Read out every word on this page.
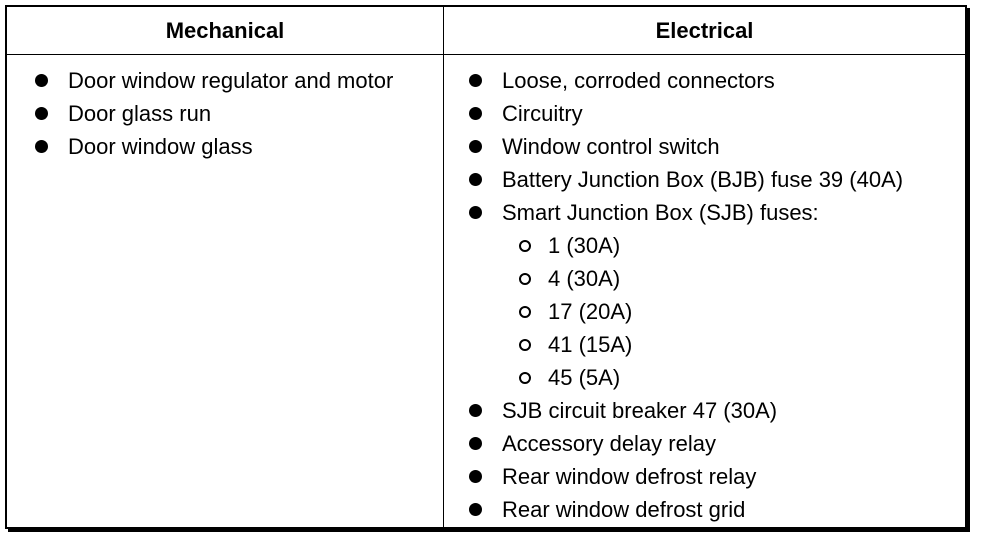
Mechanical	Electrical
Door window regulator and motor
Door glass run
Door window glass
Loose, corroded connectors
Circuitry
Window control switch
Battery Junction Box (BJB) fuse 39 (40A)
Smart Junction Box (SJB) fuses:
1 (30A)
4 (30A)
17 (20A)
41 (15A)
45 (5A)
SJB circuit breaker 47 (30A)
Accessory delay relay
Rear window defrost relay
Rear window defrost grid
